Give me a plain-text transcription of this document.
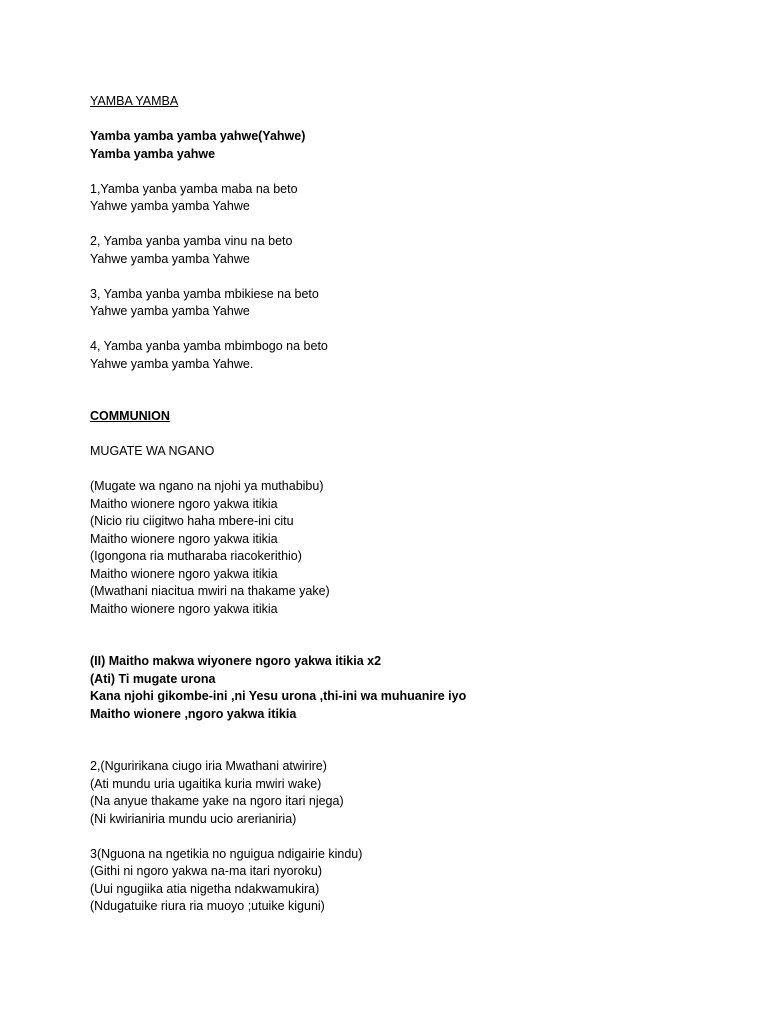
YAMBA YAMBA
Yamba yamba yamba yahwe(Yahwe)
Yamba yamba yahwe
1,Yamba yanba yamba maba na beto
Yahwe yamba yamba Yahwe
2, Yamba yanba yamba vinu na beto
Yahwe yamba yamba Yahwe
3, Yamba yanba yamba mbikiese na beto
Yahwe yamba yamba Yahwe
4, Yamba yanba yamba mbimbogo na beto
Yahwe yamba yamba Yahwe.
COMMUNION
MUGATE WA NGANO
(Mugate wa ngano na njohi ya muthabibu)
Maitho wionere ngoro yakwa itikia
(Nicio riu ciigitwo haha mbere-ini citu
Maitho wionere ngoro yakwa itikia
(Igongona ria mutharaba riacokerithio)
Maitho wionere ngoro yakwa itikia
(Mwathani niacitua mwiri na thakame yake)
Maitho wionere ngoro yakwa itikia
(II) Maitho makwa wiyonere ngoro yakwa itikia x2
(Ati) Ti mugate urona
Kana njohi gikombe-ini ,ni Yesu urona ,thi-ini wa muhuanire iyo
Maitho wionere ,ngoro yakwa itikia
2,(Nguririkana ciugo iria Mwathani atwirire)
(Ati mundu uria ugaitika kuria mwiri wake)
(Na anyue thakame yake na ngoro itari njega)
(Ni kwirianiria mundu ucio arerianiria)
3(Nguona na ngetikia no nguigua ndigairie kindu)
(Githi ni ngoro yakwa na-ma itari nyoroku)
(Uui ngugiika atia nigetha ndakwamukira)
(Ndugatuike riura ria muoyo ;utuike kiguni)
